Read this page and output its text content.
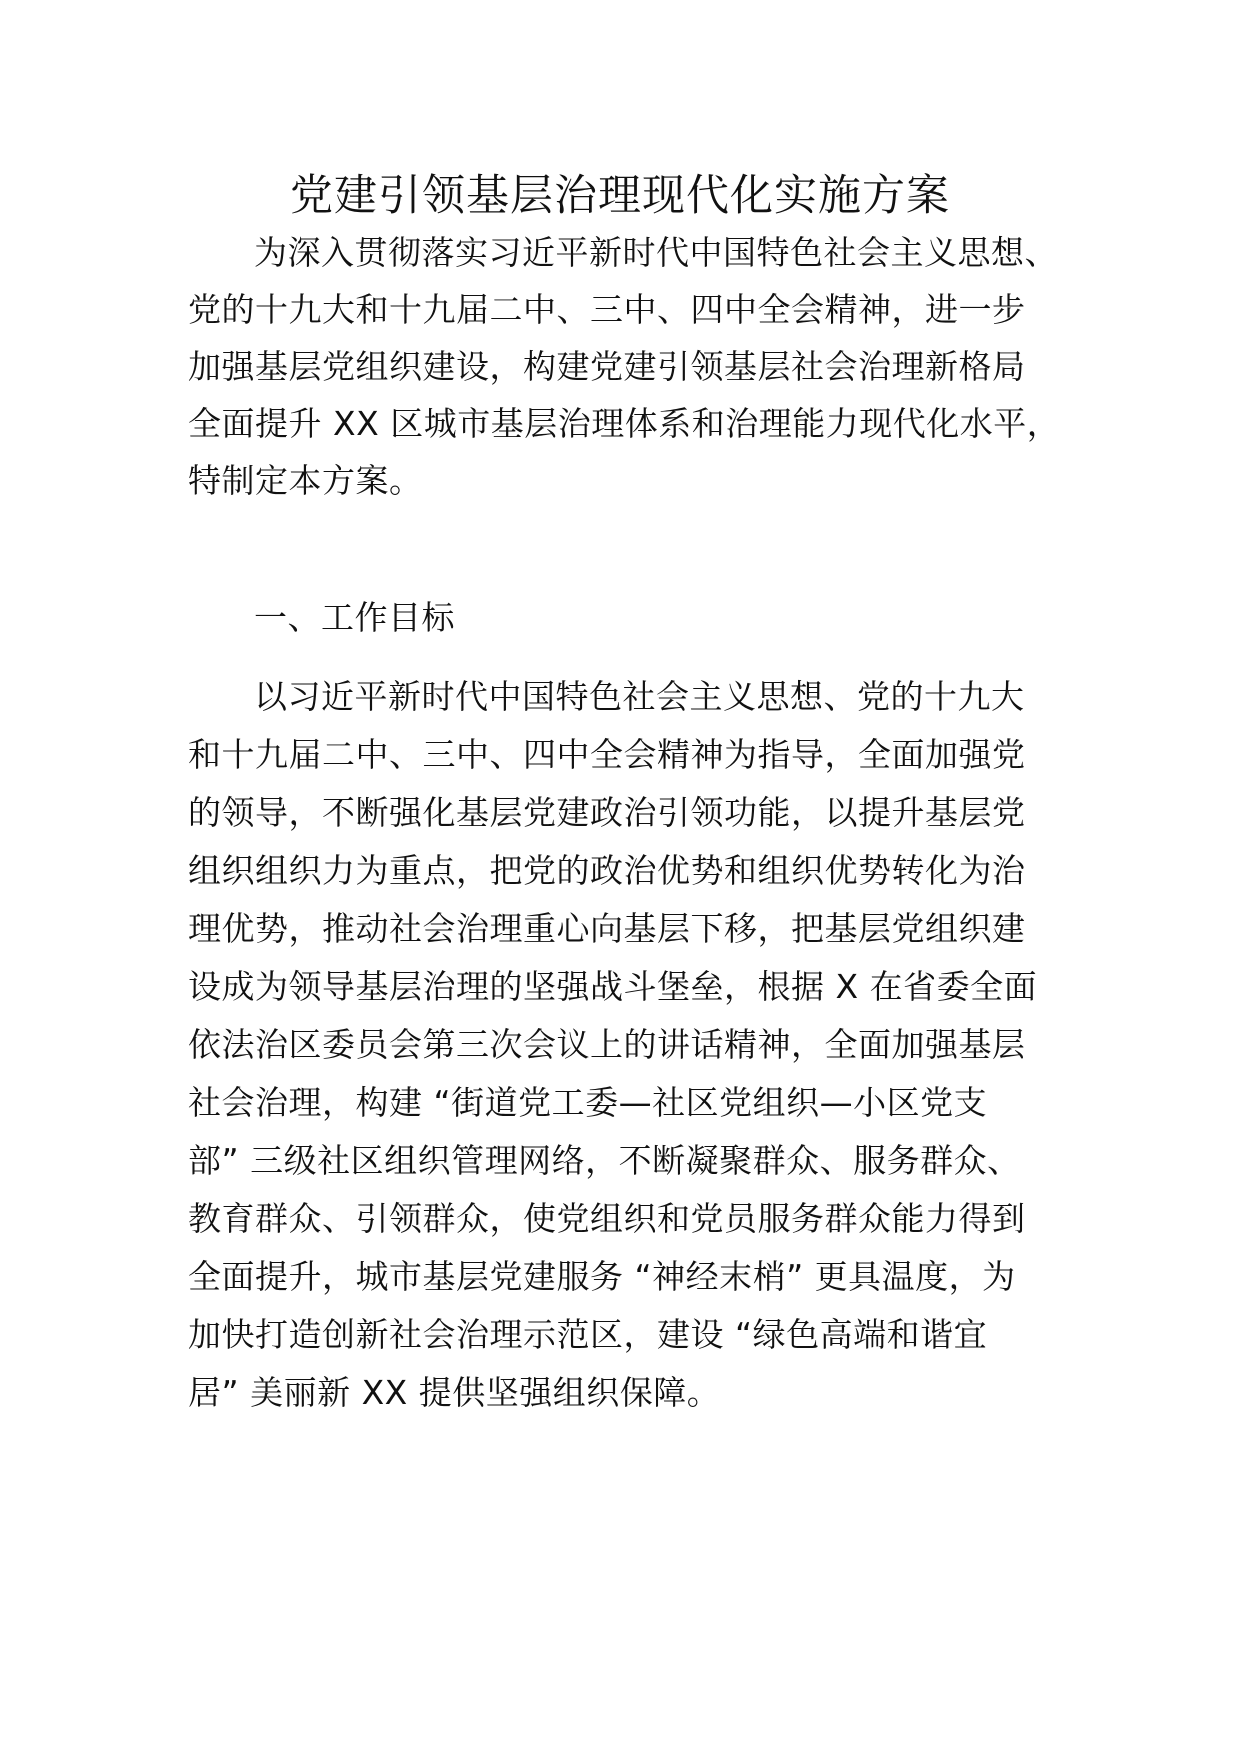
党建引领基层治理现代化实施方案

为深入贯彻落实习近平新时代中国特色社会主义思想、

党的十九大和十九届二中、三中、四中全会精神，进一步

加强基层党组织建设，构建党建引领基层社会治理新格局

全面提升 XX 区城市基层治理体系和治理能力现代化水平，

特制定本方案。

一、工作目标

以习近平新时代中国特色社会主义思想、党的十九大

和十九届二中、三中、四中全会精神为指导，全面加强党

的领导，不断强化基层党建政治引领功能，以提升基层党

组织组织力为重点，把党的政治优势和组织优势转化为治

理优势，推动社会治理重心向基层下移，把基层党组织建

设成为领导基层治理的坚强战斗堡垒，根据 X 在省委全面

依法治区委员会第三次会议上的讲话精神，全面加强基层

社会治理，构建 “街道党工委—社区党组织—小区党支

部” 三级社区组织管理网络，不断凝聚群众、服务群众、

教育群众、引领群众，使党组织和党员服务群众能力得到

全面提升，城市基层党建服务 “神经末梢” 更具温度，为

加快打造创新社会治理示范区，建设 “绿色高端和谐宜

居” 美丽新 XX 提供坚强组织保障。
